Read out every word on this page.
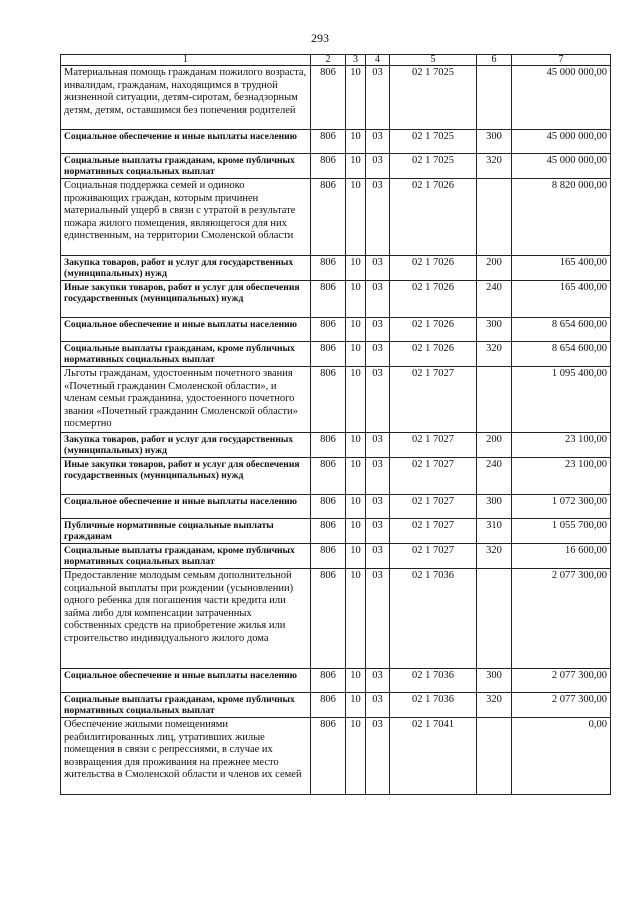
293
1	2	3	4	5	6	7
Материальная помощь гражданам пожилого возраста, инвалидам, гражданам, находящимся в трудной жизненной ситуации, детям-сиротам, безнадзорным детям, детям, оставшимся без попечения родителей	806	10	03	02 1 7025		45 000 000,00
Социальное обеспечение и иные выплаты населению	806	10	03	02 1 7025	300	45 000 000,00
Социальные выплаты гражданам, кроме публичных нормативных социальных выплат	806	10	03	02 1 7025	320	45 000 000,00
Социальная поддержка семей и одиноко проживающих граждан, которым причинен материальный ущерб в связи с утратой в результате пожара жилого помещения, являющегося для них единственным, на территории Смоленской области	806	10	03	02 1 7026		8 820 000,00
Закупка товаров, работ и услуг для государственных (муниципальных) нужд	806	10	03	02 1 7026	200	165 400,00
Иные закупки товаров, работ и услуг для обеспечения государственных (муниципальных) нужд	806	10	03	02 1 7026	240	165 400,00
Социальное обеспечение и иные выплаты населению	806	10	03	02 1 7026	300	8 654 600,00
Социальные выплаты гражданам, кроме публичных нормативных социальных выплат	806	10	03	02 1 7026	320	8 654 600,00
Льготы гражданам, удостоенным почетного звания «Почетный гражданин Смоленской области», и членам семьи гражданина, удостоенного почетного звания «Почетный гражданин Смоленской области» посмертно	806	10	03	02 1 7027		1 095 400,00
Закупка товаров, работ и услуг для государственных (муниципальных) нужд	806	10	03	02 1 7027	200	23 100,00
Иные закупки товаров, работ и услуг для обеспечения государственных (муниципальных) нужд	806	10	03	02 1 7027	240	23 100,00
Социальное обеспечение и иные выплаты населению	806	10	03	02 1 7027	300	1 072 300,00
Публичные нормативные социальные выплаты гражданам	806	10	03	02 1 7027	310	1 055 700,00
Социальные выплаты гражданам, кроме публичных нормативных социальных выплат	806	10	03	02 1 7027	320	16 600,00
Предоставление молодым семьям дополнительной социальной выплаты при рождении (усыновлении) одного ребенка для погашения части кредита или займа либо для компенсации затраченных собственных средств на приобретение жилья или строительство индивидуального жилого дома	806	10	03	02 1 7036		2 077 300,00
Социальное обеспечение и иные выплаты населению	806	10	03	02 1 7036	300	2 077 300,00
Социальные выплаты гражданам, кроме публичных нормативных социальных выплат	806	10	03	02 1 7036	320	2 077 300,00
Обеспечение жилыми помещениями реабилитированных лиц, утративших жилые помещения в связи с репрессиями, в случае их возвращения для проживания на прежнее место жительства в Смоленской области и членов их семей	806	10	03	02 1 7041		0,00
